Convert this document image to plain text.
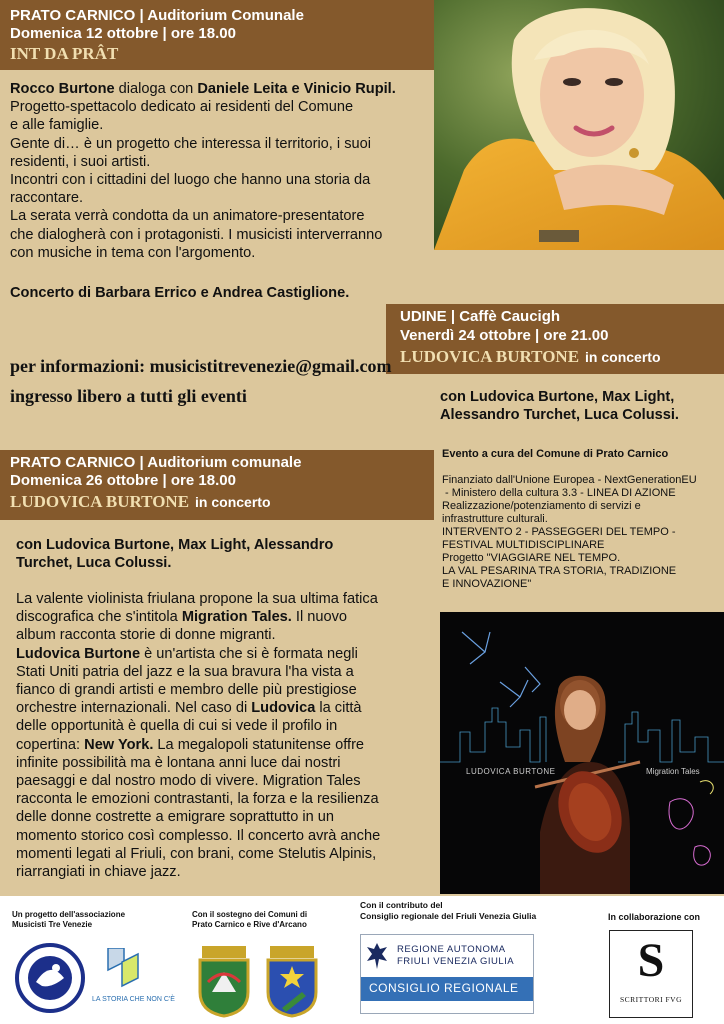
PRATO CARNICO | Auditorium Comunale
Domenica 12 ottobre | ore 18.00
INT DA PRÂT

Rocco Burtone dialoga con Daniele Leita e Vinicio Rupil.

Progetto-spettacolo dedicato ai residenti del Comune

e alle famiglie.

Gente di… è un progetto che interessa il territorio, i suoi

residenti, i suoi artisti.

Incontri con i cittadini del luogo che hanno una storia da

raccontare.

La serata verrà condotta da un animatore-presentatore

che dialogherà con i protagonisti. I musicisti interverranno

con musiche in tema con l'argomento.

Concerto di Barbara Errico e Andrea Castiglione.
UDINE | Caffè Caucigh
Venerdì 24 ottobre | ore 21.00
LUDOVICA BURTONE in concerto
per informazioni: musicistitrevenezie@gmail.com
ingresso libero a tutti gli eventi	con Ludovica Burtone, Max Light,

Alessandro Turchet, Luca Colussi.

Evento a cura del Comune di Prato Carnico
Finanziato dall'Unione Europea - NextGenerationEU
- Ministero della cultura 3.3 - LINEA DI AZIONE
Realizzazione/potenziamento di servizi e
infrastrutture culturali.
INTERVENTO 2 - PASSEGGERI DEL TEMPO -
FESTIVAL MULTIDISCIPLINARE
Progetto "VIAGGIARE NEL TEMPO.
LA VAL PESARINA TRA STORIA, TRADIZIONE
E INNOVAZIONE"
PRATO CARNICO | Auditorium comunale
Domenica 26 ottobre | ore 18.00
LUDOVICA BURTONE in concerto

con Ludovica Burtone, Max Light, Alessandro

Turchet, Luca Colussi.

La valente violinista friulana propone la sua ultima fatica

discografica che s'intitola Migration Tales. Il nuovo

album racconta storie di donne migranti.

Ludovica Burtone è un'artista che si è formata negli

Stati Uniti patria del jazz e la sua bravura l'ha vista a

fianco di grandi artisti e membro delle più prestigiose

orchestre internazionali. Nel caso di Ludovica la città

delle opportunità è quella di cui si vede il profilo in

copertina: New York. La megalopoli statunitense offre

infinite possibilità ma è lontana anni luce dai nostri

paesaggi e dal nostro modo di vivere. Migration Tales

racconta le emozioni contrastanti, la forza e la resilienza

delle donne costrette a emigrare soprattutto in un

momento storico così complesso. Il concerto avrà anche

momenti legati al Friuli, con brani, come Stelutis Alpinis,

riarrangiati in chiave jazz.

LUDOVICA BURTONE	Migration Tales
Un progetto dell'associazione
Musicisti Tre Venezie
LA STORIA CHE NON C'È
Con il sostegno dei Comuni di
Prato Carnico e Rive d'Arcano
Con il contributo del
Consiglio regionale del Friuli Venezia Giulia
REGIONE AUTONOMA
FRIULI VENEZIA GIULIA
CONSIGLIO REGIONALE
In collaborazione con
S
SCRITTORI FVG
